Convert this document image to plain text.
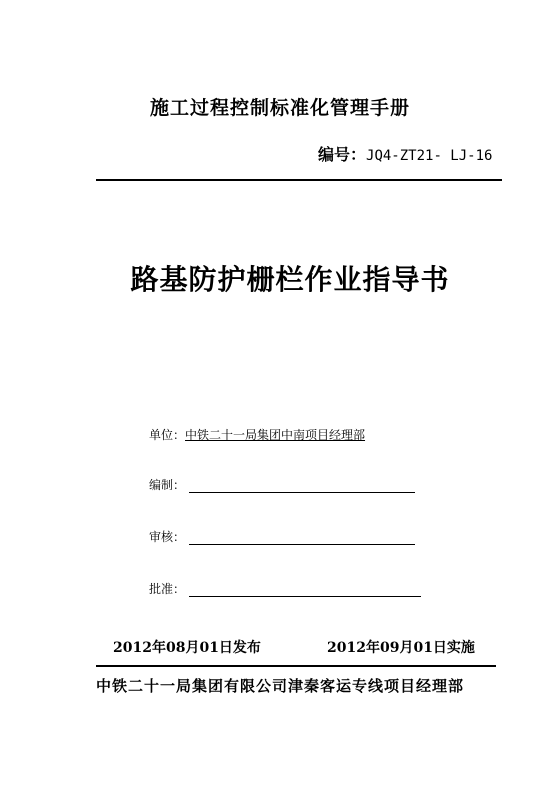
施工过程控制标准化管理手册
编号：JQ4-ZT21- LJ-16
路基防护栅栏作业指导书
单位：中铁二十一局集团中南项目经理部
编制：
审核：
批准：
2012年08月01日发布	2012年09月01日实施
中铁二十一局集团有限公司津秦客运专线项目经理部
